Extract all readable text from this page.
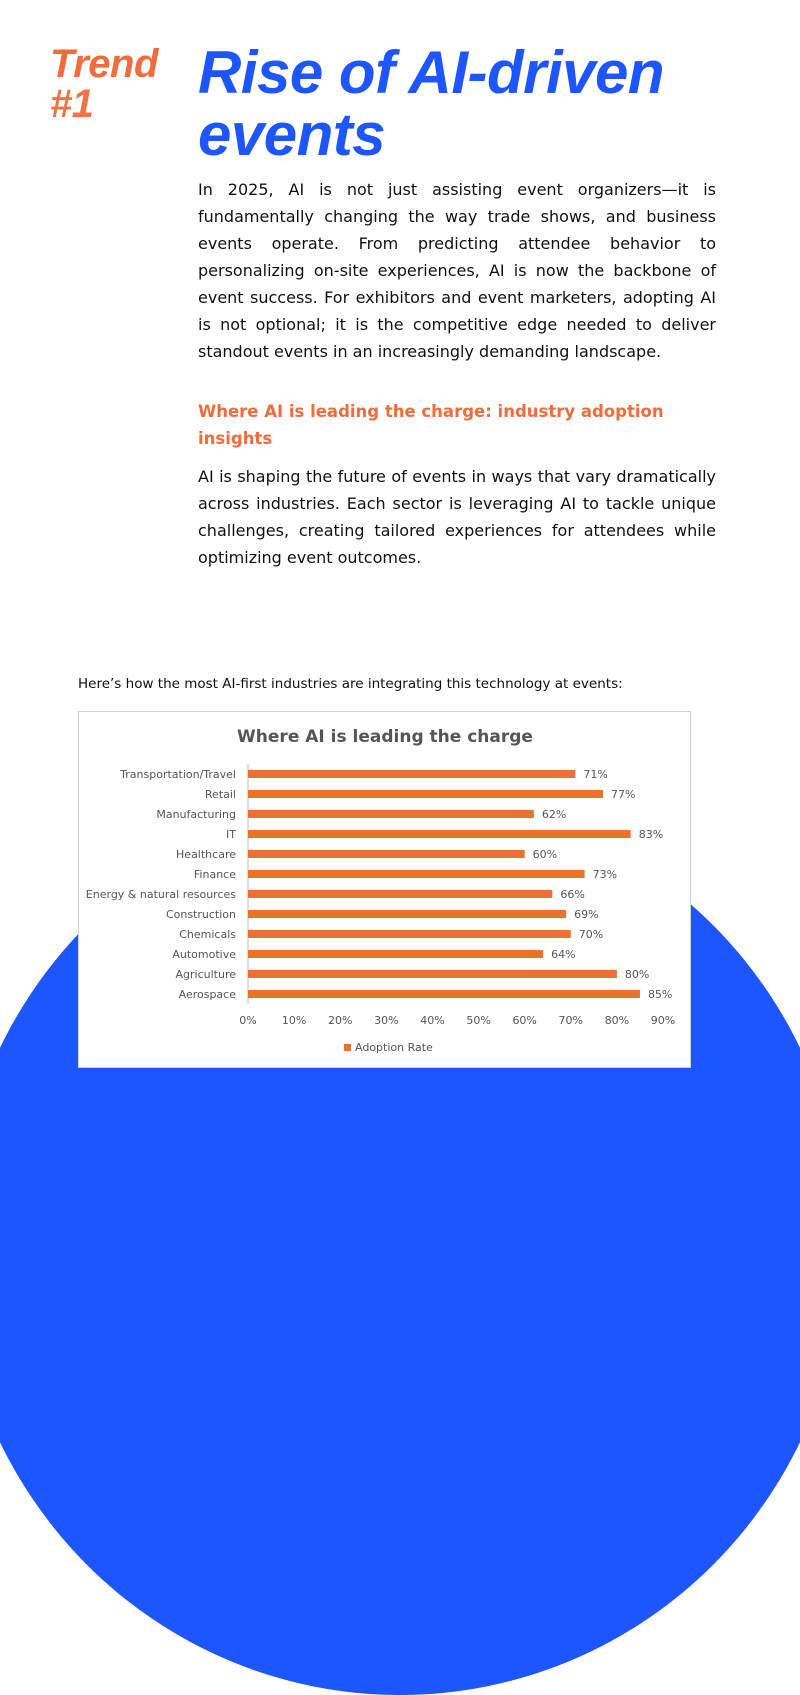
Trend
#1	Rise of AI-driven events
In 2025, AI is not just assisting event organizers—it is fundamentally changing the way trade shows, and business events operate. From predicting attendee behavior to personalizing on-site experiences, AI is now the backbone of event success. For exhibitors and event marketers, adopting AI is not optional; it is the competitive edge needed to deliver standout events in an increasingly demanding landscape.
Where AI is leading the charge: industry adoption insights
AI is shaping the future of events in ways that vary dramatically across industries. Each sector is leveraging AI to tackle unique challenges, creating tailored experiences for attendees while optimizing event outcomes.
Here’s how the most AI-first industries are integrating this technology at events:
Where AI is leading the charge
Transportation/Travel	71%
Retail	77%
Manufacturing	62%
IT	83%
Healthcare	60%
Finance	73%
Energy & natural resources	66%
Construction	69%
Chemicals	70%
Automotive	64%
Agriculture	80%
Aerospace	85%
0% 10% 20% 30% 40% 50% 60% 70% 80% 90%
Adoption Rate
